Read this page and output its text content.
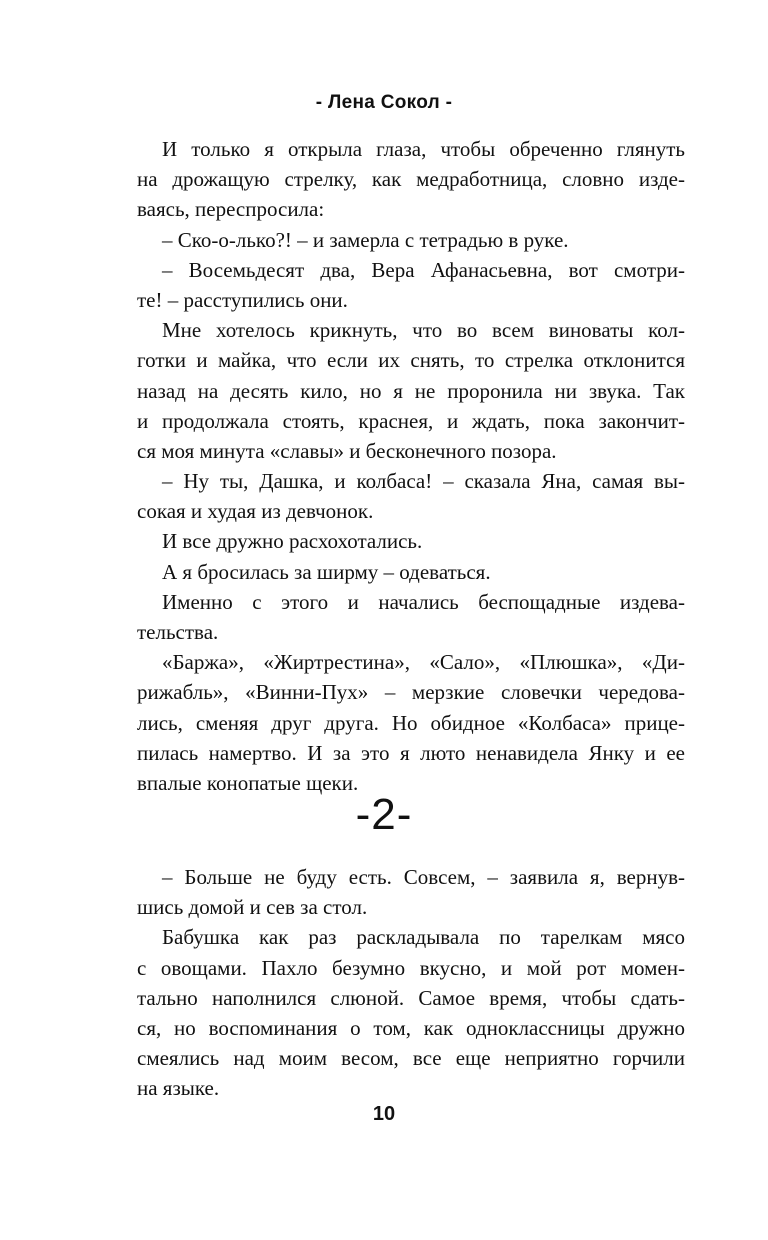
- Лена Сокол -
И только я открыла глаза, чтобы обреченно глянуть
на дрожащую стрелку, как медработница, словно изде-
ваясь, переспросила:
– Ско-о-лько?! – и замерла с тетрадью в руке.
– Восемьдесят два, Вера Афанасьевна, вот смотри-
те! – расступились они.
Мне хотелось крикнуть, что во всем виноваты кол-
готки и майка, что если их снять, то стрелка отклонится
назад на десять кило, но я не проронила ни звука. Так
и продолжала стоять, краснея, и ждать, пока закончит-
ся моя минута «славы» и бесконечного позора.
– Ну ты, Дашка, и колбаса! – сказала Яна, самая вы-
сокая и худая из девчонок.
И все дружно расхохотались.
А я бросилась за ширму – одеваться.
Именно с этого и начались беспощадные издева-
тельства.
«Баржа», «Жиртрестина», «Сало», «Плюшка», «Ди-
рижабль», «Винни-Пух» – мерзкие словечки чередова-
лись, сменяя друг друга. Но обидное «Колбаса» прице-
пилась намертво. И за это я люто ненавидела Янку и ее
впалые конопатые щеки.
-2-
– Больше не буду есть. Совсем, – заявила я, вернув-
шись домой и сев за стол.
Бабушка как раз раскладывала по тарелкам мясо
с овощами. Пахло безумно вкусно, и мой рот момен-
тально наполнился слюной. Самое время, чтобы сдать-
ся, но воспоминания о том, как одноклассницы дружно
смеялись над моим весом, все еще неприятно горчили
на языке.
10
